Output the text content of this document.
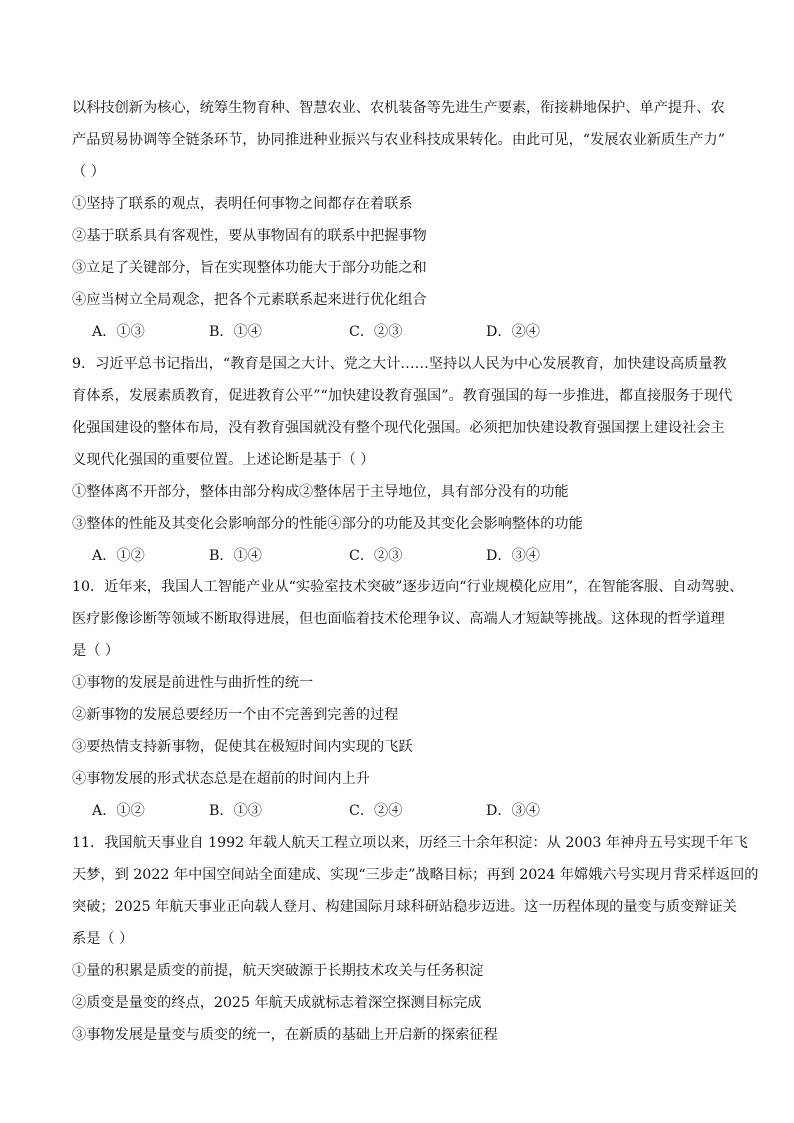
以科技创新为核心，统筹生物育种、智慧农业、农机装备等先进生产要素，衔接耕地保护、单产提升、农
产品贸易协调等全链条环节，协同推进种业振兴与农业科技成果转化。由此可见，“发展农业新质生产力”
（ ）
①坚持了联系的观点，表明任何事物之间都存在着联系
②基于联系具有客观性，要从事物固有的联系中把握事物
③立足了关键部分，旨在实现整体功能大于部分功能之和
④应当树立全局观念，把各个元素联系起来进行优化组合
A．①③	B．①④	C．②③	D．②④
9．习近平总书记指出，“教育是国之大计、党之大计……坚持以人民为中心发展教育，加快建设高质量教
育体系，发展素质教育，促进教育公平”“加快建设教育强国”。教育强国的每一步推进，都直接服务于现代
化强国建设的整体布局，没有教育强国就没有整个现代化强国。必须把加快建设教育强国摆上建设社会主
义现代化强国的重要位置。上述论断是基于（ ）
①整体离不开部分，整体由部分构成②整体居于主导地位，具有部分没有的功能
③整体的性能及其变化会影响部分的性能④部分的功能及其变化会影响整体的功能
A．①②	B．①④	C．②③	D．③④
10．近年来，我国人工智能产业从“实验室技术突破”逐步迈向“行业规模化应用”，在智能客服、自动驾驶、
医疗影像诊断等领域不断取得进展，但也面临着技术伦理争议、高端人才短缺等挑战。这体现的哲学道理
是（ ）
①事物的发展是前进性与曲折性的统一
②新事物的发展总要经历一个由不完善到完善的过程
③要热情支持新事物，促使其在极短时间内实现的飞跃
④事物发展的形式状态总是在超前的时间内上升
A．①②	B．①③	C．②④	D．③④
11．我国航天事业自 1992 年载人航天工程立项以来，历经三十余年积淀：从 2003 年神舟五号实现千年飞
天梦，到 2022 年中国空间站全面建成、实现“三步走”战略目标；再到 2024 年嫦娥六号实现月背采样返回的
突破；2025 年航天事业正向载人登月、构建国际月球科研站稳步迈进。这一历程体现的量变与质变辩证关
系是（ ）
①量的积累是质变的前提，航天突破源于长期技术攻关与任务积淀
②质变是量变的终点，2025 年航天成就标志着深空探测目标完成
③事物发展是量变与质变的统一，在新质的基础上开启新的探索征程
